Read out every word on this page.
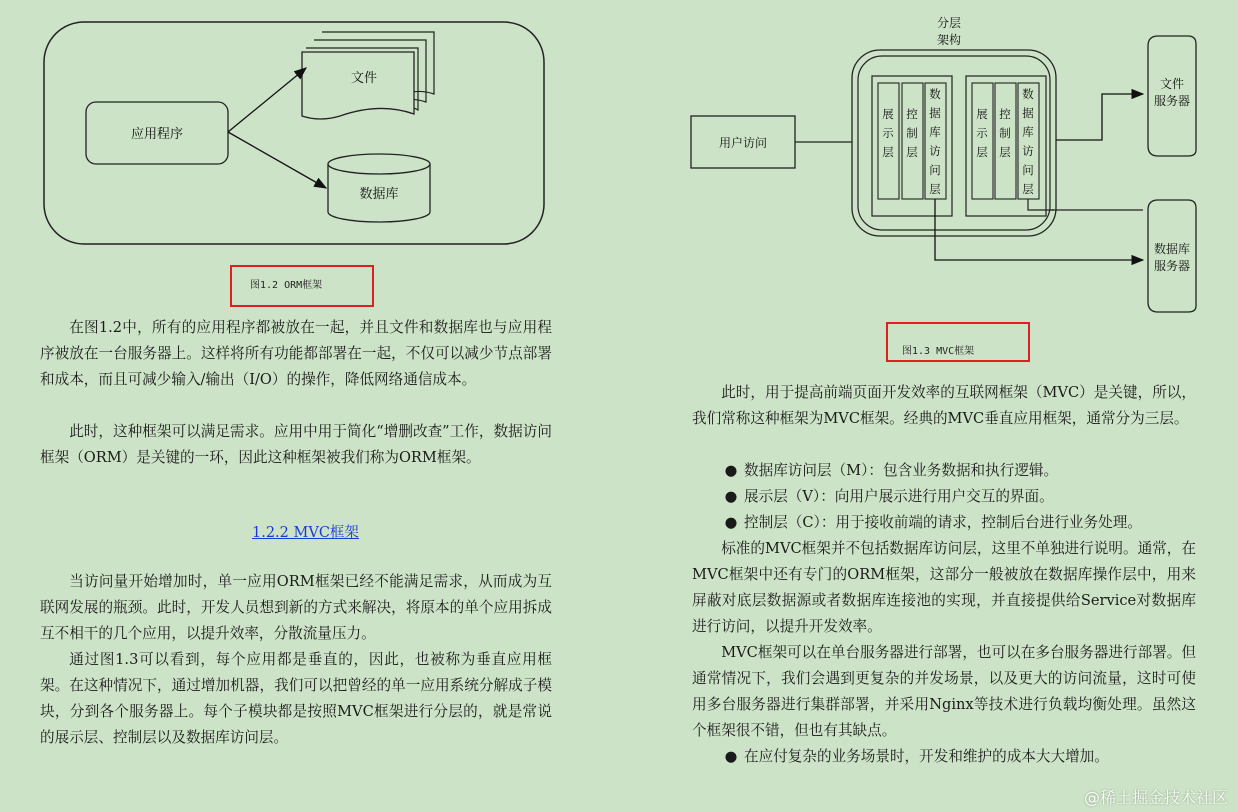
应用程序
文件
数据库
图1.2 ORM框架

在图1.2中，所有的应用程序都被放在一起，并且文件和数据库也与应用程序被放在一台服务器上。这样将所有功能都部署在一起，不仅可以减少节点部署和成本，而且可减少输入/输出（I/O）的操作，降低网络通信成本。

此时，这种框架可以满足需求。应用中用于简化“增删改查”工作，数据访问框架（ORM）是关键的一环，因此这种框架被我们称为ORM框架。

1.2.2 MVC框架

当访问量开始增加时，单一应用ORM框架已经不能满足需求，从而成为互联网发展的瓶颈。此时，开发人员想到新的方式来解决，将原本的单个应用拆成互不相干的几个应用，以提升效率，分散流量压力。

通过图1.3可以看到，每个应用都是垂直的，因此，也被称为垂直应用框架。在这种情况下，通过增加机器，我们可以把曾经的单一应用系统分解成子模块，分到各个服务器上。每个子模块都是按照MVC框架进行分层的，就是常说的展示层、控制层以及数据库访问层。

分层
架构
用户访问
展示层
控制层
数据库访问层
展示层
控制层
数据库访问层
文件
服务器
数据库
服务器
图1.3 MVC框架

此时，用于提高前端页面开发效率的互联网框架（MVC）是关键，所以，我们常称这种框架为MVC框架。经典的MVC垂直应用框架，通常分为三层。

● 数据库访问层（M）：包含业务数据和执行逻辑。
● 展示层（V）：向用户展示进行用户交互的界面。
● 控制层（C）：用于接收前端的请求，控制后台进行业务处理。

标准的MVC框架并不包括数据库访问层，这里不单独进行说明。通常，在MVC框架中还有专门的ORM框架，这部分一般被放在数据库操作层中，用来屏蔽对底层数据源或者数据库连接池的实现，并直接提供给Service对数据库进行访问，以提升开发效率。

MVC框架可以在单台服务器进行部署，也可以在多台服务器进行部署。但通常情况下，我们会遇到更复杂的并发场景，以及更大的访问流量，这时可使用多台服务器进行集群部署，并采用Nginx等技术进行负载均衡处理。虽然这个框架很不错，但也有其缺点。

● 在应付复杂的业务场景时，开发和维护的成本大大增加。
@稀土掘金技术社区
